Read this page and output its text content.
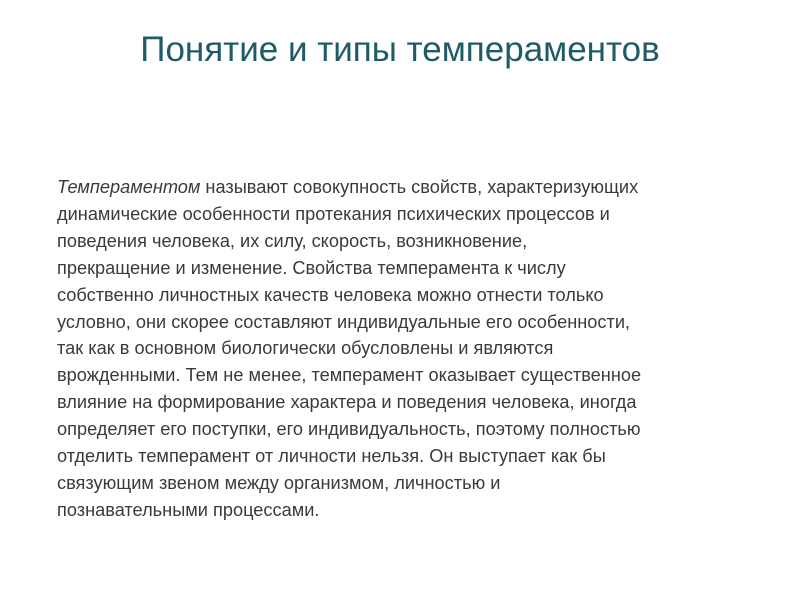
Понятие и типы темпераментов
Темпераментом называют совокупность свойств, характеризующих
динамические особенности протекания психических процессов и
поведения человека, их силу, скорость, возникновение,
прекращение и изменение. Свойства темперамента к числу
собственно личностных качеств человека можно отнести только
условно, они скорее составляют индивидуальные его особенности,
так как в основном биологически обусловлены и являются
врожденными. Тем не менее, темперамент оказывает существенное
влияние на формирование характера и поведения человека, иногда
определяет его поступки, его индивидуальность, поэтому полностью
отделить темперамент от личности нельзя. Он выступает как бы
связующим звеном между организмом, личностью и
познавательными процессами.
